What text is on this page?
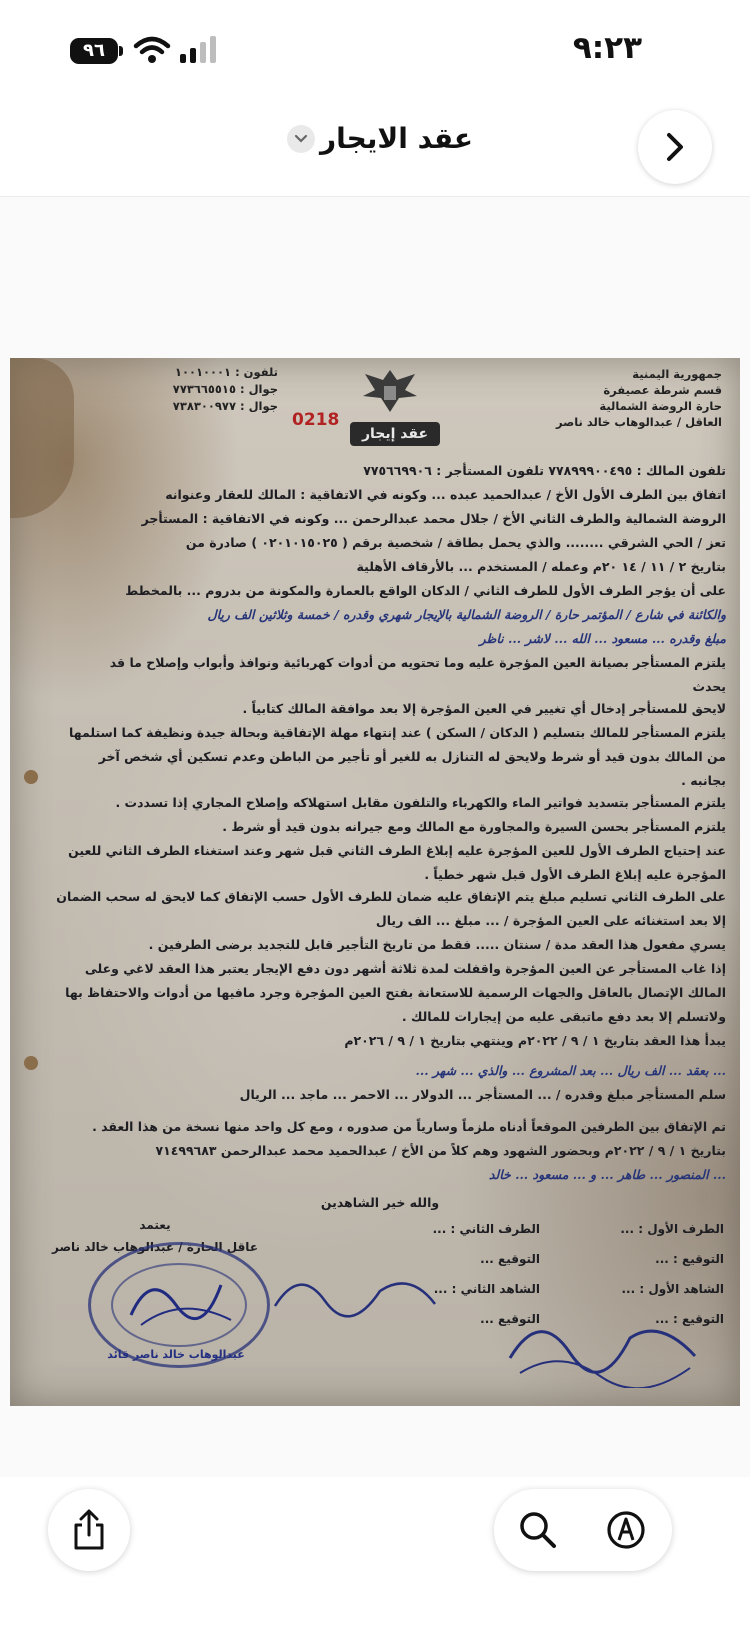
٩:٢٣
٩٦
عقد الايجار
جمهورية اليمنية
قسم شرطة عصيفرة
حارة الروضة الشمالية
العاقل / عبدالوهاب خالد ناصر
تلفون : ١٠٠١٠٠٠١
جوال : ٧٧٣٦٦٥٥١٥
جوال : ٧٣٨٣٠٠٩٧٧
0218
عقد إيجار
تلفون المالك : ٧٧٨٩٩٩٠٠٤٩٥ تلفون المستأجر : ٧٧٥٦٦٩٩٠٦
اتفاق بين الطرف الأول الأخ / عبدالحميد عبده ... وكونه في الاتفاقية : المالك للعقار وعنوانه
الروضة الشمالية والطرف الثاني الأخ / جلال محمد عبدالرحمن ... وكونه في الاتفاقية : المستأجر
تعز / الحي الشرقي ........ والذي يحمل بطاقة / شخصية برقم ( ٠٢٠١٠١٥٠٢٥ ) صادرة من
بتاريخ ٢ / ١١ / ١٤ ٢٠م وعمله / المستخدم ... بالأرقاف الأهلية
على أن يؤجر الطرف الأول للطرف الثاني / الدكان الواقع بالعمارة والمكونة من بدروم ... بالمخطط
والكائنة في شارع / المؤتمر حارة / الروضة الشمالية بالإيجار شهري وقدره / خمسة وثلاثين الف ريال
مبلغ وقدره ... مسعود ... الله ... لاشر ... ناظر
يلتزم المستأجر بصيانة العين المؤجرة عليه وما تحتويه من أدوات كهربائية ونوافذ وأبواب وإصلاح ما قد
يحدث
لايحق للمستأجر إدخال أي تغيير في العين المؤجرة إلا بعد موافقة المالك كتابياً .
يلتزم المستأجر للمالك بتسليم ( الدكان / السكن ) عند إنتهاء مهلة الإتفاقية وبحالة جيدة ونظيفة كما استلمها
من المالك بدون قيد أو شرط ولايحق له التنازل به للغير أو تأجير من الباطن وعدم تسكين أي شخص آخر
بجانبه .
يلتزم المستأجر بتسديد فواتير الماء والكهرباء والتلفون مقابل استهلاكه وإصلاح المجاري إذا تسددت .
يلتزم المستأجر بحسن السيرة والمجاورة مع المالك ومع جيرانه بدون قيد أو شرط .
عند إحتياج الطرف الأول للعين المؤجرة عليه إبلاغ الطرف الثاني قبل شهر وعند استغناء الطرف الثاني للعين
المؤجرة عليه إبلاغ الطرف الأول قبل شهر خطياً .
على الطرف الثاني تسليم مبلغ يتم الإتفاق عليه ضمان للطرف الأول حسب الإتفاق كما لايحق له سحب الضمان
إلا بعد استغنائه على العين المؤجرة / ... مبلغ ... الف ريال
يسري مفعول هذا العقد مدة / سنتان ..... فقط من تاريخ التأجير قابل للتجديد برضى الطرفين .
إذا غاب المستأجر عن العين المؤجرة واقفلت لمدة ثلاثة أشهر دون دفع الإيجار يعتبر هذا العقد لاغي وعلى
المالك الإتصال بالعاقل والجهات الرسمية للاستعانة بفتح العين المؤجرة وجرد مافيها من أدوات والاحتفاظ بها
ولاتسلم إلا بعد دفع ماتبقى عليه من إيجارات للمالك .
يبدأ هذا العقد بتاريخ ١ / ٩ / ٢٠٢٢م وينتهي بتاريخ ١ / ٩ / ٢٠٢٦م
... بعقد ... الف ريال ... بعد المشروع ... والذي ... شهر ...
سلم المستأجر مبلغ وقدره / ... المستأجر ... الدولار ... الاحمر ... ماجد ... الريال
تم الإتفاق بين الطرفين الموقعاً أدناه ملزماً وسارياً من صدوره ، ومع كل واحد منها نسخة من هذا العقد .
بتاريخ ١ / ٩ / ٢٠٢٢م وبحضور الشهود وهم كلاً من الأخ / عبدالحميد محمد عبدالرحمن ٧١٤٩٩٦٨٣
... المنصور ... طاهر ... و ... مسعود ... خالد
والله خير الشاهدين
الطرف الأول : ...
التوقيع : ...
الشاهد الأول : ...
التوقيع : ...
الطرف الثاني : ...
التوقيع ...
الشاهد الثاني : ...
التوقيع ...
يعتمد
عاقل الحارة / عبدالوهاب خالد ناصر
عبدالوهاب خالد ناصر قائد
